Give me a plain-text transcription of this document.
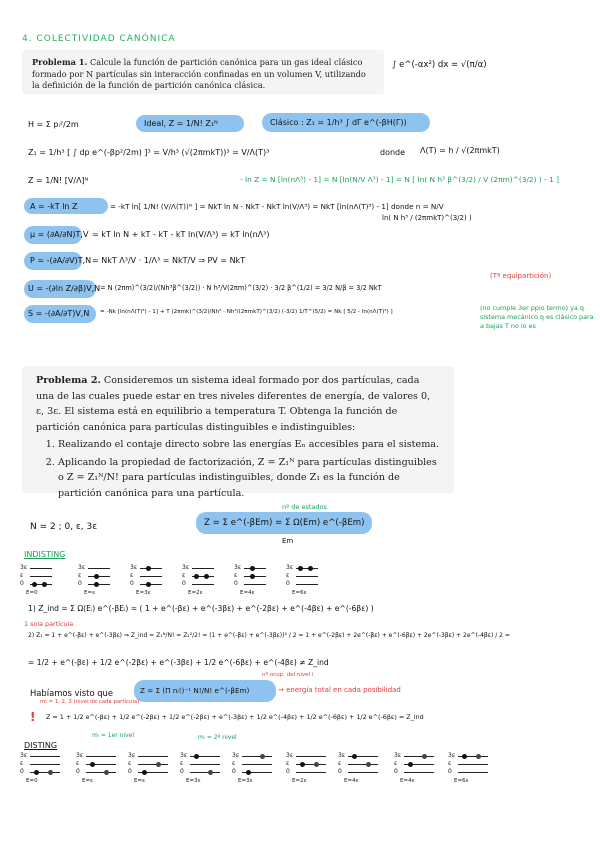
4. COLECTIVIDAD CANÓNICA
Problema 1. Calcule la función de partición canónica para un gas ideal clásico formado por N partículas sin interacción confinadas en un volumen V, utilizando la definición de la función de partición canónica clásica.
∫ e^(-αx²) dx = √(π/α)
H = Σ pᵢ²/2m	Ideal, Z = 1/N! Z₁ᴺ	Clásico : Z₁ = 1/h³ ∫ dΓ e^(-βH(Γ))
Z₁ = 1/h³ [ ∫ dp e^(-βp²/2m) ]³ = V/h³ (√(2πmkT))³ = V/Λ(T)³	donde Λ(T) = h / √(2πmkT)
- ln Z = N [ln(nΛ³) - 1] = N [ln(N/V Λ³) - 1] = N [ ln( N h³ β^(3/2) / V (2πm)^(3/2) ) - 1 ]
Z = 1/N! [V/Λ]ᴺ
A = -kT ln Z	= -kT ln[ 1/N! (V/Λ(T))ᴺ ] = NkT ln N - NkT - NkT ln(V/Λ³) = NkT [ln(nΛ(T)³) - 1] donde n = N/V
ln( N h³ / (2πmkT)^(3/2) )
μ = (∂A/∂N)T,V = kT ln N + kT - kT - kT ln(V/Λ³) = kT ln(nΛ³)
P = -(∂A/∂V)T,N = NkT Λ³/V · 1/Λ³ = NkT/V ⇒ PV = NkT
U = -(∂ln Z/∂β)V,N = N (2πm)^(3/2)/(Nh³β^(3/2)) · N h³/V(2πm)^(3/2) · 3/2 β^(1/2) = 3/2 N/β = 3/2 NkT
(Tª equipartición)
S = -(∂A/∂T)V,N = -Nk [ln(nΛ(T)³) - 1] + T (2πmk)^(3/2)/Nh³ · Nh³/(2πmkT)^(3/2) (-3/2) 1/T^(5/2) = Nk [ 5/2 - ln(nΛ(T)³) ]	(no cumple 3er ppio termo) ya q sistema mecánico q es clásico para a bajas T no lo es
Problema 2. Consideremos un sistema ideal formado por dos partículas, cada una de las cuales puede estar en tres niveles diferentes de energía, de valores 0, ε, 3ε. El sistema está en equilibrio a temperatura T. Obtenga la función de partición canónica para partículas distinguibles e indistinguibles:
1. Realizando el contaje directo sobre las energías Eₙ accesibles para el sistema.
2. Aplicando la propiedad de factorización, Z = Z₁ᴺ para partículas distinguibles o Z = Z₁ᴺ/N! para partículas indistinguibles, donde Z₁ es la función de partición canónica para una partícula.
N = 2 ; 0, ε, 3ε
nº de estados
Z = Σ e^(-βEm) = Σ Ω(Em) e^(-βEm)
Em
INDISTING
3ε
ε
0
E=0
3ε
ε
0
E=ε
3ε
ε
0
E=3ε
3ε
ε
0
E=2ε
3ε
ε
0
E=4ε
3ε
ε
0
E=6ε
1) Z_ind = Σ Ω(Eᵢ) e^(-βEᵢ) = ( 1 + e^(-βε) + e^(-3βε) + e^(-2βε) + e^(-4βε) + e^(-6βε) )
1 sola partícula
2) Z₁ = 1 + e^(-βε) + e^(-3βε) ⇒ Z_ind = Z₁ᴺ/N! = Z₁²/2! = (1 + e^(-βε) + e^(-3βε))² / 2 = 1 + e^(-2βε) + 2e^(-βε) + e^(-6βε) + 2e^(-3βε) + 2e^(-4βε) / 2 =
= 1/2 + e^(-βε) + 1/2 e^(-2βε) + e^(-3βε) + 1/2 e^(-6βε) + e^(-4βε) ≠ Z_ind
nº ocup. del nivel i
Habíamos visto que	Z = Σ (Π nᵢ!)⁻¹ N!/N! e^(-βEm)	→ energía total en cada posibilidad
mi = 1, 2, 3 (nivel de cada partícula)
! Z = 1 + 1/2 e^(-βε) + 1/2 e^(-2βε) + 1/2 e^(-2βε) + e^(-3βε) + 1/2 e^(-4βε) + 1/2 e^(-6βε) + 1/2 e^(-6βε) = Z_ind
mᵢ = 1er nivel	mᵢ = 2º nivel
DISTING
3ε
ε
0
E=0
3ε
ε
0
E=ε
3ε
ε
0
E=ε
3ε
ε
0
E=3ε
3ε
ε
0
E=3ε
3ε
ε
0
E=2ε
3ε
ε
0
E=4ε
3ε
ε
0
E=4ε
3ε
ε
0
E=6ε
